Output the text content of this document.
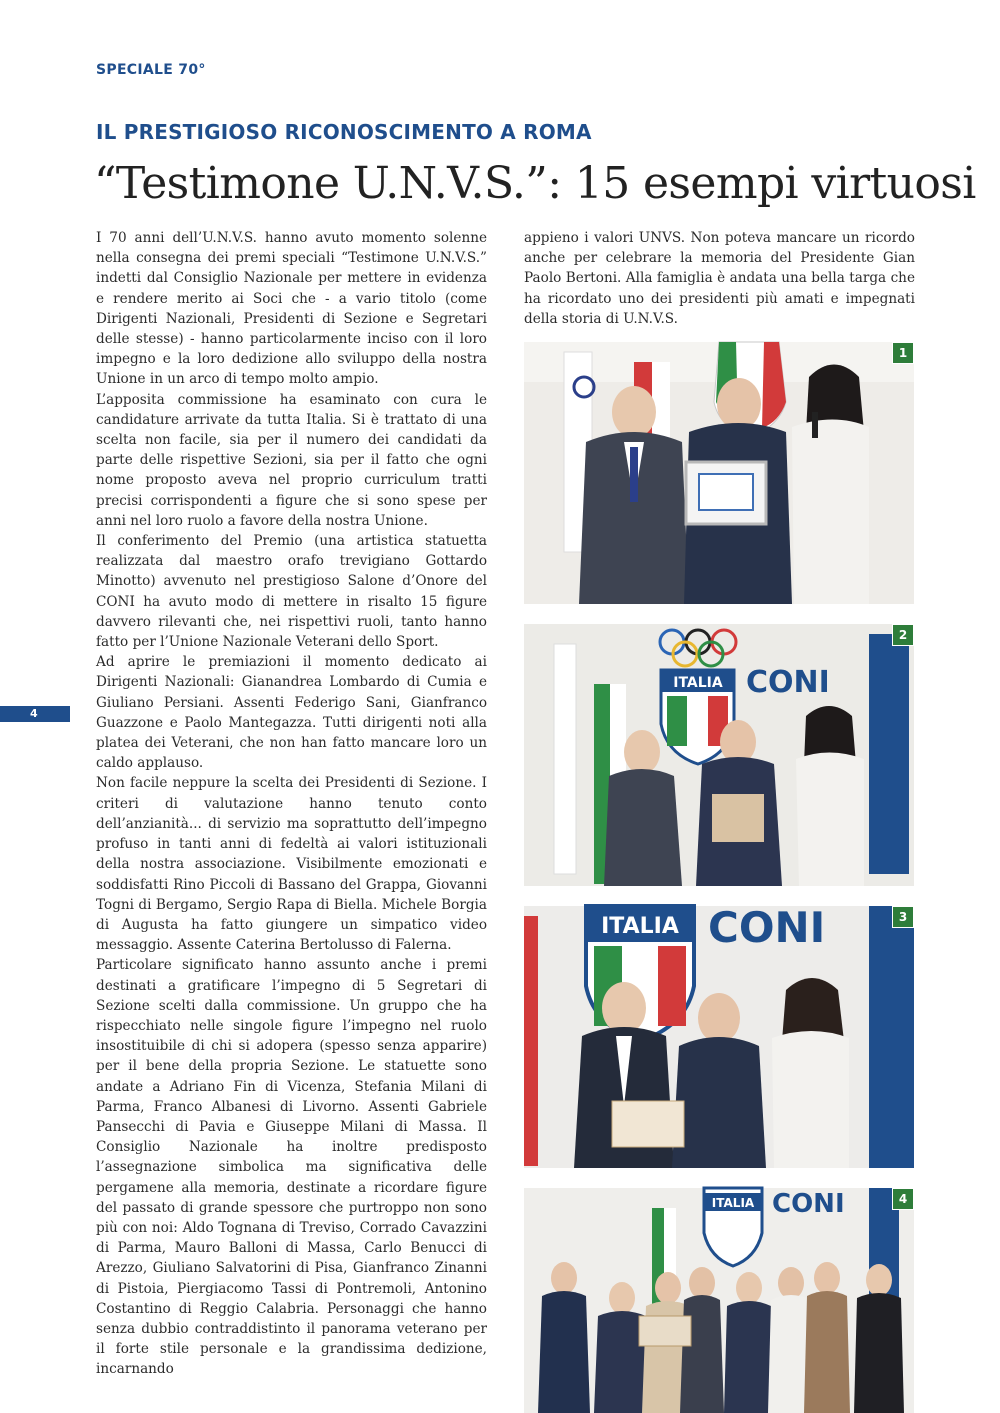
SPECIALE 70°
IL PRESTIGIOSO RICONOSCIMENTO A ROMA
“Testimone U.N.V.S.”: 15 esempi virtuosi

I 70 anni dell’U.N.V.S. hanno avuto momento solenne nella consegna dei premi speciali “Testimone U.N.V.S.” indetti dal Consiglio Nazionale per mettere in evidenza e rendere merito ai Soci che - a vario titolo (come Dirigenti Nazionali, Presidenti di Sezione e Segretari delle stesse) - hanno particolarmente inciso con il loro impegno e la loro dedizione allo sviluppo della nostra Unione in un arco di tempo molto ampio.

L’apposita commissione ha esaminato con cura le candidature arrivate da tutta Italia. Si è trattato di una scelta non facile, sia per il numero dei candidati da parte delle rispettive Sezioni, sia per il fatto che ogni nome proposto aveva nel proprio curriculum tratti precisi corrispondenti a figure che si sono spese per anni nel loro ruolo a favore della nostra Unione.

Il conferimento del Premio (una artistica statuetta realizzata dal maestro orafo trevigiano Gottardo Minotto) avvenuto nel prestigioso Salone d’Onore del CONI ha avuto modo di mettere in risalto 15 figure davvero rilevanti che, nei rispettivi ruoli, tanto hanno fatto per l’Unione Nazionale Veterani dello Sport.

Ad aprire le premiazioni il momento dedicato ai Dirigenti Nazionali: Gianandrea Lombardo di Cumia e Giuliano Persiani. Assenti Federigo Sani, Gianfranco Guazzone e Paolo Mantegazza. Tutti dirigenti noti alla platea dei Veterani, che non han fatto mancare loro un caldo applauso.

Non facile neppure la scelta dei Presidenti di Sezione. I criteri di valutazione hanno tenuto conto dell’anzianità... di servizio ma soprattutto dell’impegno profuso in tanti anni di fedeltà ai valori istituzionali della nostra associazione. Visibilmente emozionati e soddisfatti Rino Piccoli di Bassano del Grappa, Giovanni Togni di Bergamo, Sergio Rapa di Biella. Michele Borgia di Augusta ha fatto giungere un simpatico video messaggio. Assente Caterina Bertolusso di Falerna.

Particolare significato hanno assunto anche i premi destinati a gratificare l’impegno di 5 Segretari di Sezione scelti dalla commissione. Un gruppo che ha rispecchiato nelle singole figure l’impegno nel ruolo insostituibile di chi si adopera (spesso senza apparire) per il bene della propria Sezione. Le statuette sono andate a Adriano Fin di Vicenza, Stefania Milani di Parma, Franco Albanesi di Livorno. Assenti Gabriele Pansecchi di Pavia e Giuseppe Milani di Massa. Il Consiglio Nazionale ha inoltre predisposto l’assegnazione simbolica ma significativa delle pergamene alla memoria, destinate a ricordare figure del passato di grande spessore che purtroppo non sono più con noi: Aldo Tognana di Treviso, Corrado Cavazzini di Parma, Mauro Balloni di Massa, Carlo Benucci di Arezzo, Giuliano Salvatorini di Pisa, Gianfranco Zinanni di Pistoia, Piergiacomo Tassi di Pontremoli, Antonino Costantino di Reggio Calabria. Personaggi che hanno senza dubbio contraddistinto il panorama veterano per il forte stile personale e la grandissima dedizione, incarnando

appieno i valori UNVS. Non poteva mancare un ricordo anche per celebrare la memoria del Presidente Gian Paolo Bertoni. Alla famiglia è andata una bella targa che ha ricordato uno dei presidenti più amati e impegnati della storia di U.N.V.S.

4
1
ITALIA CONI
2
ITALIA CONI	3
ITALIA CONI	4
